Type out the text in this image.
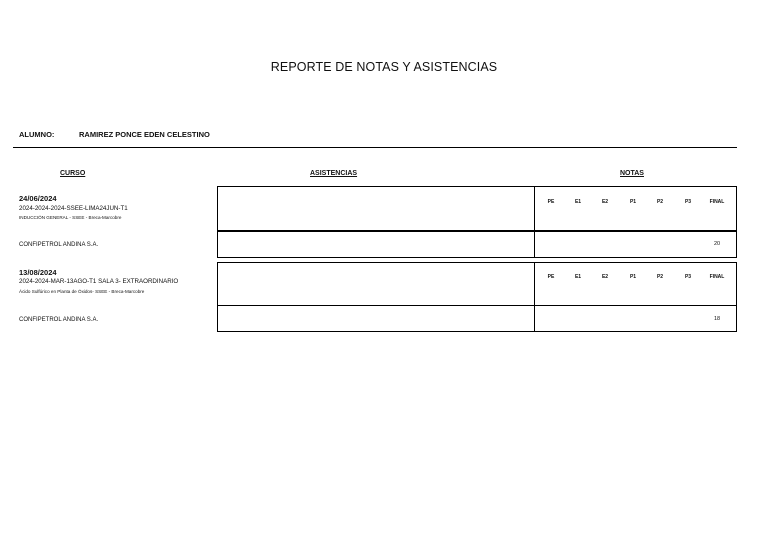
REPORTE DE NOTAS Y ASISTENCIAS
ALUMNO:	RAMIREZ PONCE EDEN CELESTINO
CURSO	ASISTENCIAS	NOTAS
24/06/2024
2024-2024-2024-SSEE-LIMA24JUN-T1
INDUCCIÓN GENERAL - SSEE - Breca-Marcobre
PE	E1	E2	P1	P2	P3	FINAL
CONFIPETROL ANDINA S.A.	20
13/08/2024
2024-2024-MAR-13AGO-T1 SALA 3- EXTRAORDINARIO
Ácido Sulfúrico en Planta de Óxidos- SSEE - Breca-Marcobre
PE	E1	E2	P1	P2	P3	FINAL
CONFIPETROL ANDINA S.A.	18
